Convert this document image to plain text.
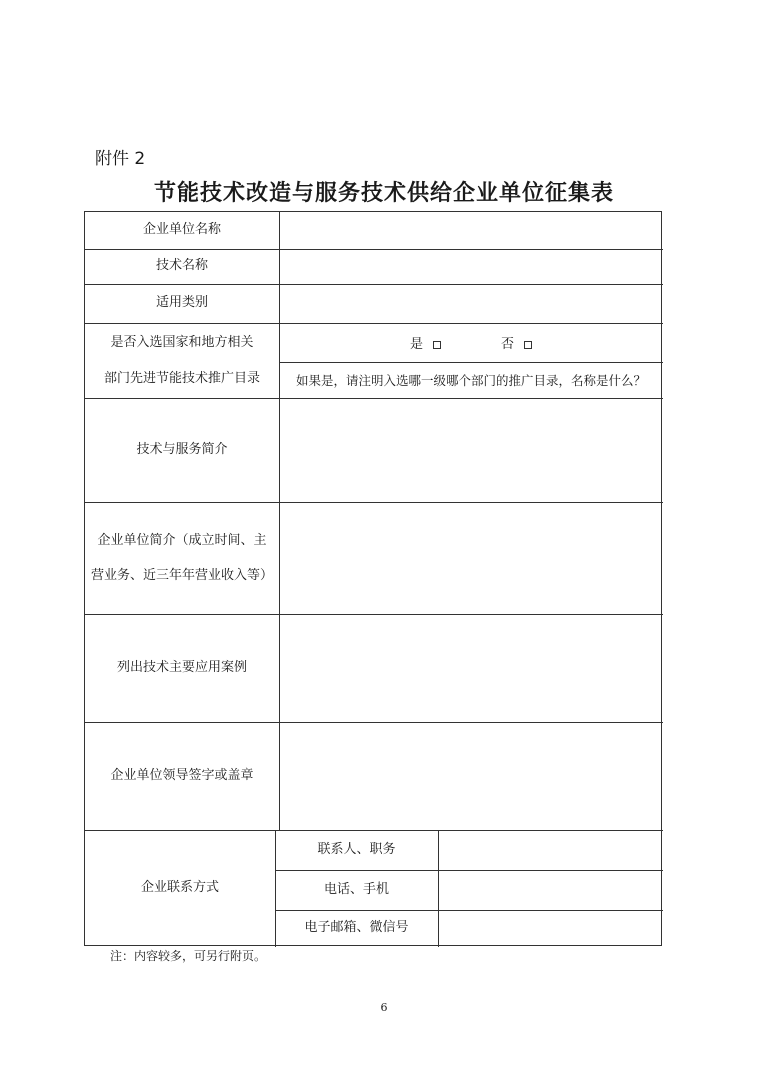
附件 2
节能技术改造与服务技术供给企业单位征集表
企业单位名称
技术名称
适用类别
是否入选国家和地方相关
部门先进节能技术推广目录
是	否
如果是，请注明入选哪一级哪个部门的推广目录，名称是什么？
技术与服务简介
企业单位简介（成立时间、主
营业务、近三年年营业收入等）
列出技术主要应用案例
企业单位领导签字或盖章
企业联系方式
联系人、职务
电话、手机
电子邮箱、微信号
注：内容较多，可另行附页。
6
